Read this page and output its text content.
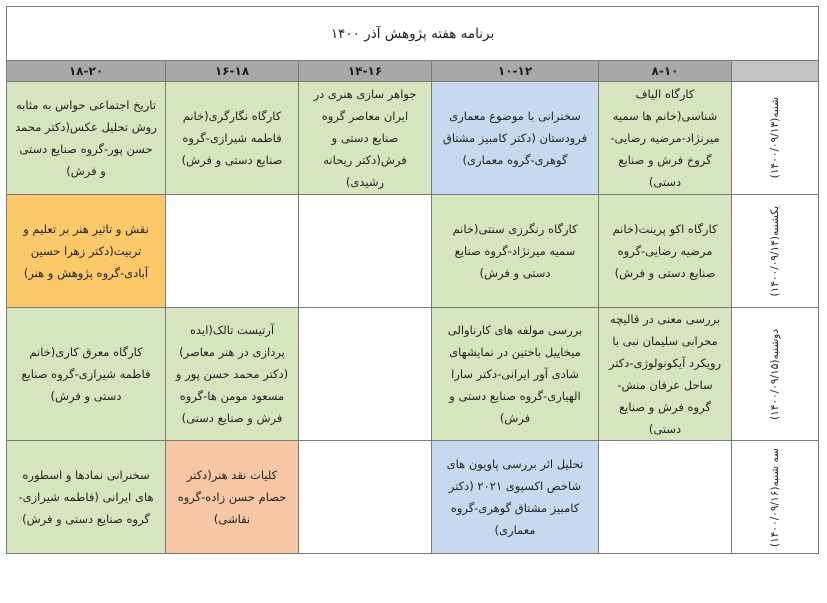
برنامه هفته پژوهش آذر ۱۴۰۰					
۱۸-۲۰	۱۶-۱۸	۱۴-۱۶	۱۰-۱۲	۸-۱۰	

تاریخ اجتماعی حواس به مثابه روش تحلیل عکس(دکتر محمد حسن پور-گروه صنایع دستی و فرش)	کارگاه نگارگری(خانم فاطمه شیرازی-گروه صنایع دستی و فرش)	جواهر سازی هنری در ایران معاصر گروه صنایع دستی و فرش(دکتر ریحانه رشیدی)	سخنرانی با موضوع معماری فرودستان (دکتر کامبیز مشتاق گوهری-گروه معماری)	کارگاه الیاف شناسی(خانم ها سمیه میرنژاد-مرضیه رضایی- گروخ فرش و صنایع دستی)	شنبه(۱۴۰۰/۰۹/۱۳)

نقش و تاثیر هنر بر تعلیم و تربیت(دکتر زهرا حسین آبادی-گروه پژوهش و هنر)			کارگاه رنگرزی سنتی(خانم سمیه میرنژاد-گروه صنایع دستی و فرش)	کارگاه اکو پرینت(خانم مرضیه رضایی-گروه صنایع دستی و فرش)	یکشنبه(۱۴۰۰/۰۹/۱۴)

کارگاه معرق کاری(خانم فاطمه شیرازی-گروه صنایع دستی و فرش)	آرتیست تالک(ایده پردازی در هنر معاصر)(دکتر محمد حسن پور و مسعود مومن ها-گروه فرش و صنایع دستی)		بررسی مولفه های کارناوالی میخاییل باختین در نمایشهای شادی آور ایرانی-دکتر سارا الهیاری-گروه صنایع دستی و فرش)	بررسی معنی در قالیچه محرابی سلیمان نبی با رویکرد آیکونولوژی-دکتر ساحل عرفان منش-گروه فرش و صنایع دستی)	دوشنبه(۱۴۰۰/۰۹/۱۵)

سخنرانی نمادها و اسطوره های ایرانی (فاطمه شیرازی-گروه صنایع دستی و فرش)	کلیات نقد هنر(دکتر حصام حسن زاده-گروه نقاشی)		تحلیل اثر بررسی پاویون های شاخص اکسپوی ۲۰۲۱ (دکتر کامبیز مشتاق گوهری-گروه معماری)		سه شنبه(۱۴۰۰/۰۹/۱۶)
